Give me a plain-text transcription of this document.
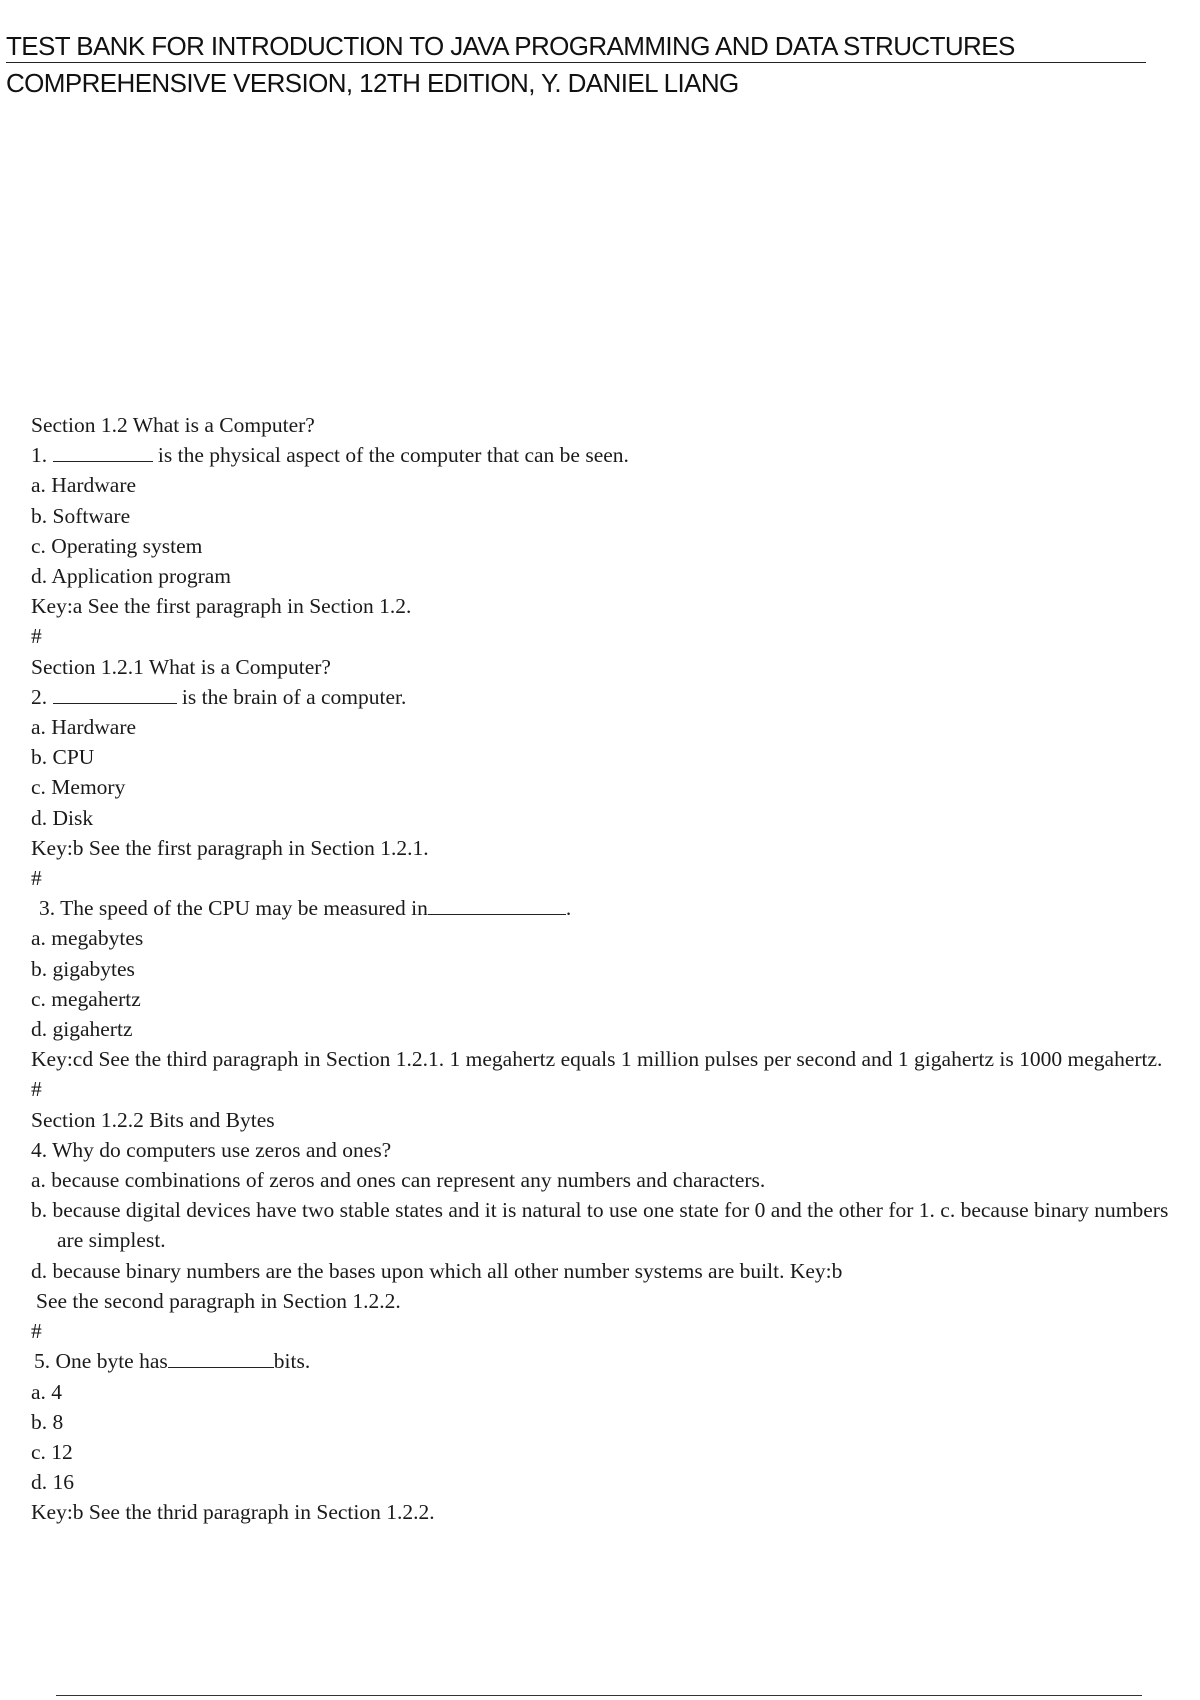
TEST BANK FOR INTRODUCTION TO JAVA PROGRAMMING AND DATA STRUCTURES
COMPREHENSIVE VERSION, 12TH EDITION, Y. DANIEL LIANG
Section 1.2 What is a Computer?
1.	is the physical aspect of the computer that can be seen.
a. Hardware
b. Software
c. Operating system
d. Application program
Key:a See the first paragraph in Section 1.2.
#
Section 1.2.1 What is a Computer?
2.	is the brain of a computer.
a. Hardware
b. CPU
c. Memory
d. Disk
Key:b See the first paragraph in Section 1.2.1.
#
3. The speed of the CPU may be measured in	.
a. megabytes
b. gigabytes
c. megahertz
d. gigahertz
Key:cd See the third paragraph in Section 1.2.1. 1 megahertz equals 1 million pulses per second and 1 gigahertz is 1000 megahertz.
#
Section 1.2.2 Bits and Bytes
4. Why do computers use zeros and ones?
a. because combinations of zeros and ones can represent any numbers and characters.
b. because digital devices have two stable states and it is natural to use one state for 0 and the other for 1. c. because binary numbers are simplest.
d. because binary numbers are the bases upon which all other number systems are built. Key:b
See the second paragraph in Section 1.2.2.
#
5. One byte has	bits.
a. 4
b. 8
c. 12
d. 16
Key:b See the thrid paragraph in Section 1.2.2.
